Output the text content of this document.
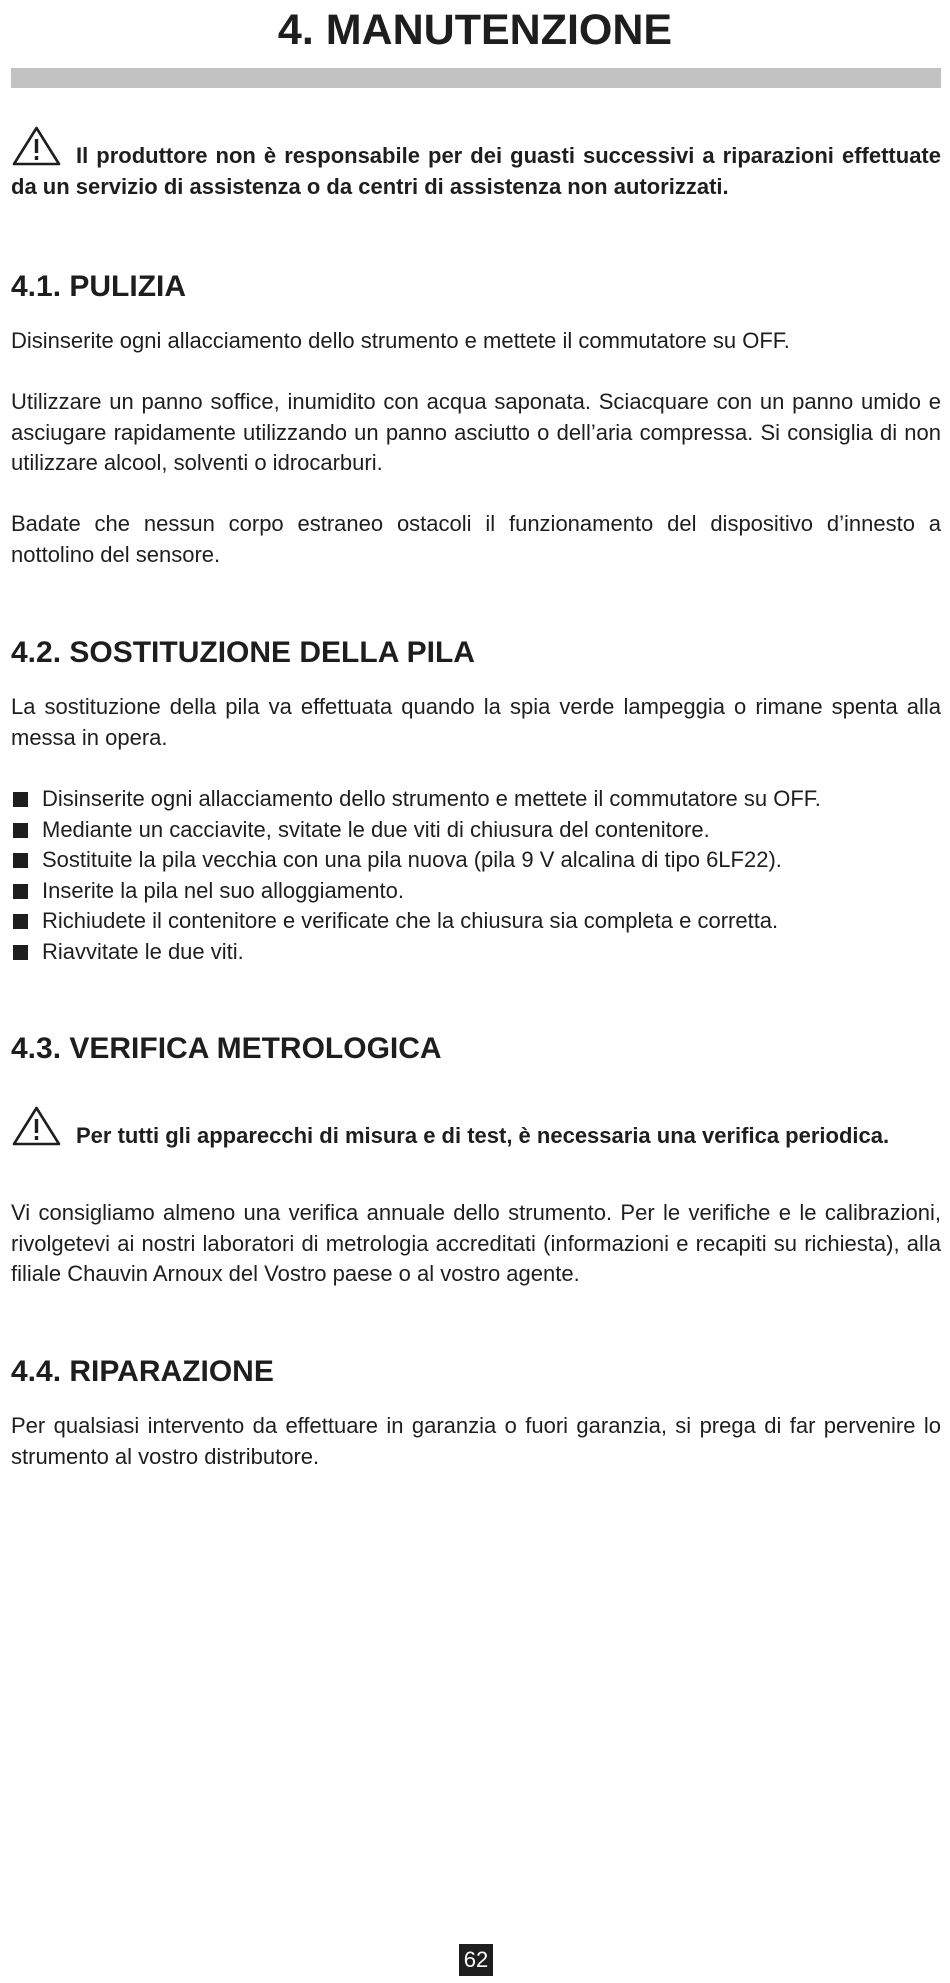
4. MANUTENZIONE

Il produttore non è responsabile per dei guasti successivi a riparazioni effettuate da un servizio di assistenza o da centri di assistenza non autorizzati.

4.1. PULIZIA

Disinserite ogni allacciamento dello strumento e mettete il commutatore su OFF.

Utilizzare un panno soffice, inumidito con acqua saponata. Sciacquare con un panno umido e asciugare rapidamente utilizzando un panno asciutto o dell’aria compressa. Si consiglia di non utilizzare alcool, solventi o idrocarburi.

Badate che nessun corpo estraneo ostacoli il funzionamento del dispositivo d’innesto a nottolino del sensore.

4.2. SOSTITUZIONE DELLA PILA

La sostituzione della pila va effettuata quando la spia verde lampeggia o rimane spenta alla messa in opera.

Disinserite ogni allacciamento dello strumento e mettete il commutatore su OFF.
Mediante un cacciavite, svitate le due viti di chiusura del contenitore.
Sostituite la pila vecchia con una pila nuova (pila 9 V alcalina di tipo 6LF22).
Inserite la pila nel suo alloggiamento.
Richiudete il contenitore e verificate che la chiusura sia completa e corretta.
Riavvitate le due viti.
4.3. VERIFICA METROLOGICA

Per tutti gli apparecchi di misura e di test, è necessaria una verifica periodica.

Vi consigliamo almeno una verifica annuale dello strumento. Per le verifiche e le calibrazioni, rivolgetevi ai nostri laboratori di metrologia accreditati (informazioni e recapiti su richiesta), alla filiale Chauvin Arnoux del Vostro paese o al vostro agente.

4.4. RIPARAZIONE

Per qualsiasi intervento da effettuare in garanzia o fuori garanzia, si prega di far pervenire lo strumento al vostro distributore.

62
